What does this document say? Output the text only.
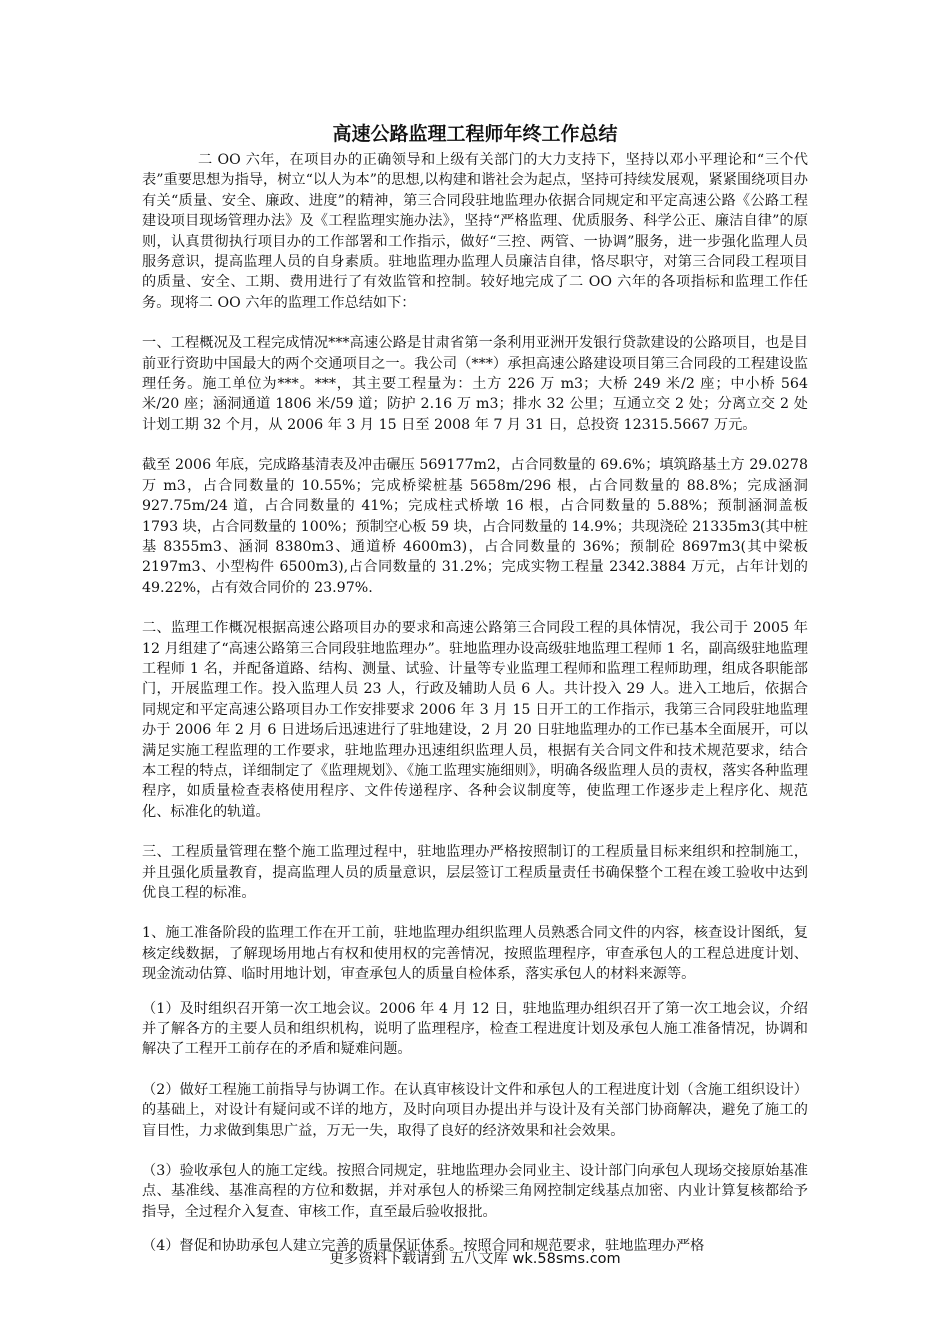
高速公路监理工程师年终工作总结

二 OO 六年，在项目办的正确领导和上级有关部门的大力支持下，坚持以邓小平理论和“三个代表”重要思想为指导，树立“以人为本”的思想,以构建和谐社会为起点，坚持可持续发展观，紧紧围绕项目办有关“质量、安全、廉政、进度”的精神，第三合同段驻地监理办依据合同规定和平定高速公路《公路工程建设项目现场管理办法》及《工程监理实施办法》，坚持“严格监理、优质服务、科学公正、廉洁自律”的原则，认真贯彻执行项目办的工作部署和工作指示，做好“三控、两管、一协调”服务，进一步强化监理人员服务意识，提高监理人员的自身素质。驻地监理办监理人员廉洁自律，恪尽职守，对第三合同段工程项目的质量、安全、工期、费用进行了有效监管和控制。较好地完成了二 OO 六年的各项指标和监理工作任务。现将二 OO 六年的监理工作总结如下：

一、工程概况及工程完成情况***高速公路是甘肃省第一条利用亚洲开发银行贷款建设的公路项目，也是目前亚行资助中国最大的两个交通项目之一。我公司（***）承担高速公路建设项目第三合同段的工程建设监理任务。施工单位为***。***，其主要工程量为：土方 226 万 m3；大桥 249 米/2 座；中小桥 564 米/20 座；涵洞通道 1806 米/59 道；防护 2.16 万 m3；排水 32 公里；互通立交 2 处；分离立交 2 处计划工期 32 个月，从 2006 年 3 月 15 日至 2008 年 7 月 31 日，总投资 12315.5667 万元。

截至 2006 年底，完成路基清表及冲击碾压 569177m2，占合同数量的 69.6%；填筑路基土方 29.0278 万 m3，占合同数量的 10.55%；完成桥梁桩基 5658m/296 根，占合同数量的 88.8%；完成涵洞 927.75m/24 道，占合同数量的 41%；完成柱式桥墩 16 根，占合同数量的 5.88%；预制涵洞盖板 1793 块，占合同数量的 100%；预制空心板 59 块，占合同数量的 14.9%；共现浇砼 21335m3(其中桩基 8355m3、涵洞 8380m3、通道桥 4600m3)，占合同数量的 36%；预制砼 8697m3(其中梁板 2197m3、小型构件 6500m3),占合同数量的 31.2%；完成实物工程量 2342.3884 万元，占年计划的 49.22%，占有效合同价的 23.97%.

二、监理工作概况根据高速公路项目办的要求和高速公路第三合同段工程的具体情况，我公司于 2005 年 12 月组建了“高速公路第三合同段驻地监理办”。驻地监理办设高级驻地监理工程师 1 名，副高级驻地监理工程师 1 名，并配备道路、结构、测量、试验、计量等专业监理工程师和监理工程师助理，组成各职能部门，开展监理工作。投入监理人员 23 人，行政及辅助人员 6 人。共计投入 29 人。进入工地后，依据合同规定和平定高速公路项目办工作安排要求 2006 年 3 月 15 日开工的工作指示，我第三合同段驻地监理办于 2006 年 2 月 6 日进场后迅速进行了驻地建设，2 月 20 日驻地监理办的工作已基本全面展开，可以满足实施工程监理的工作要求，驻地监理办迅速组织监理人员，根据有关合同文件和技术规范要求，结合本工程的特点，详细制定了《监理规划》、《施工监理实施细则》，明确各级监理人员的责权，落实各种监理程序，如质量检查表格使用程序、文件传递程序、各种会议制度等，使监理工作逐步走上程序化、规范化、标准化的轨道。

三、工程质量管理在整个施工监理过程中，驻地监理办严格按照制订的工程质量目标来组织和控制施工，并且强化质量教育，提高监理人员的质量意识，层层签订工程质量责任书确保整个工程在竣工验收中达到优良工程的标准。

1、施工准备阶段的监理工作在开工前，驻地监理办组织监理人员熟悉合同文件的内容，核查设计图纸，复核定线数据，了解现场用地占有权和使用权的完善情况，按照监理程序，审查承包人的工程总进度计划、现金流动估算、临时用地计划，审查承包人的质量自检体系，落实承包人的材料来源等。

（1）及时组织召开第一次工地会议。2006 年 4 月 12 日，驻地监理办组织召开了第一次工地会议，介绍并了解各方的主要人员和组织机构，说明了监理程序，检查工程进度计划及承包人施工准备情况，协调和解决了工程开工前存在的矛盾和疑难问题。

（2）做好工程施工前指导与协调工作。在认真审核设计文件和承包人的工程进度计划（含施工组织设计）的基础上，对设计有疑问或不详的地方，及时向项目办提出并与设计及有关部门协商解决，避免了施工的盲目性，力求做到集思广益，万无一失，取得了良好的经济效果和社会效果。

（3）验收承包人的施工定线。按照合同规定，驻地监理办会同业主、设计部门向承包人现场交接原始基准点、基准线、基准高程的方位和数据，并对承包人的桥梁三角网控制定线基点加密、内业计算复核都给予指导，全过程介入复查、审核工作，直至最后验收报批。

（4）督促和协助承包人建立完善的质量保证体系。按照合同和规范要求，驻地监理办严格

更多资料下载请到 五八文库 wk.58sms.com
